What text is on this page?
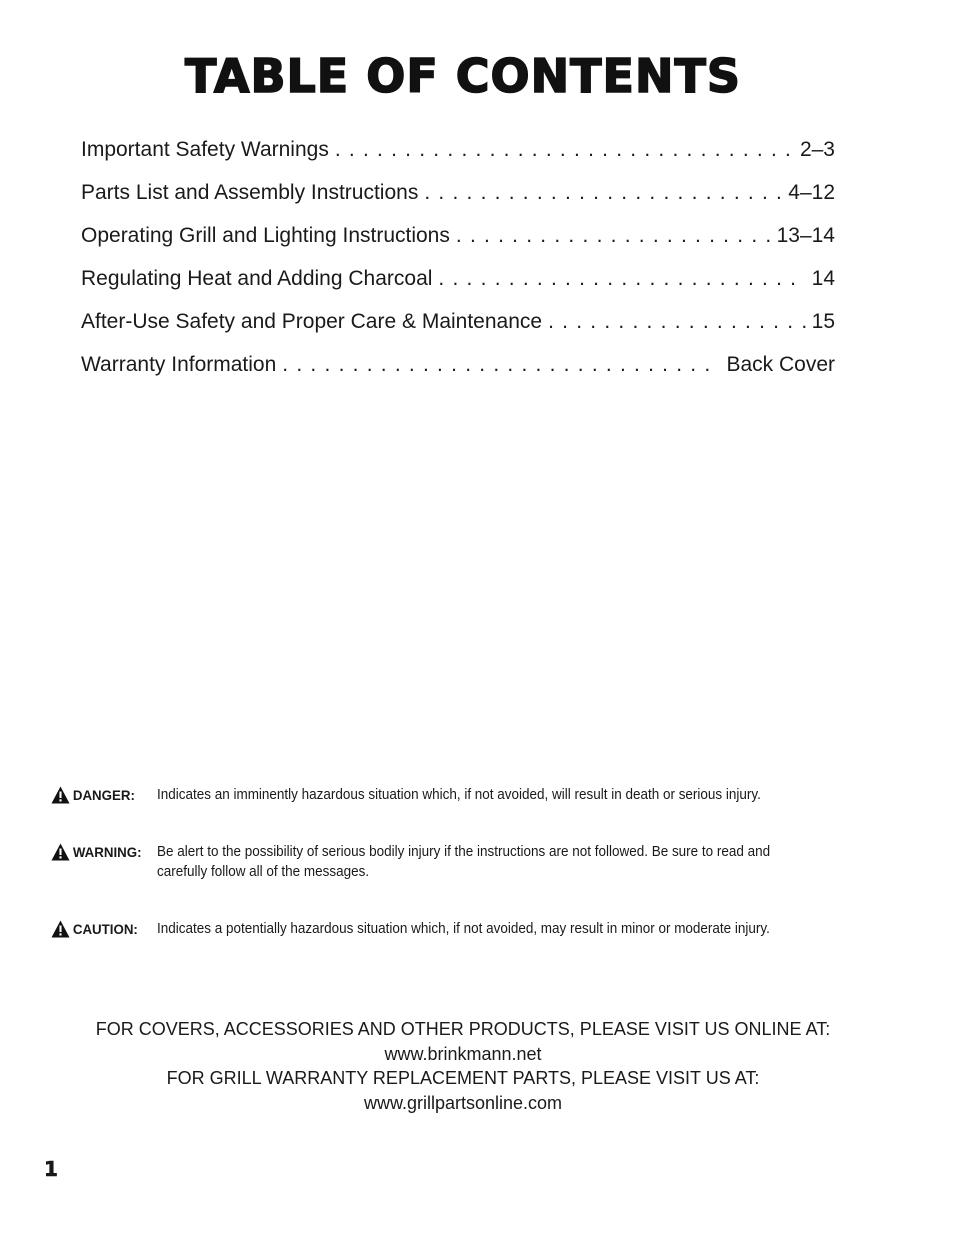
TABLE OF CONTENTS
Important Safety Warnings . . .	2–3
Parts List and Assembly Instructions . . .	4–12
Operating Grill and Lighting Instructions . . .	13–14
Regulating Heat and Adding Charcoal . . .	14
After-Use Safety and Proper Care & Maintenance . . .	15
Warranty Information . . .	Back Cover
DANGER: Indicates an imminently hazardous situation which, if not avoided, will result in death or serious injury.
WARNING: Be alert to the possibility of serious bodily injury if the instructions are not followed. Be sure to read and carefully follow all of the messages.
CAUTION: Indicates a potentially hazardous situation which, if not avoided, may result in minor or moderate injury.
FOR COVERS, ACCESSORIES AND OTHER PRODUCTS, PLEASE VISIT US ONLINE AT:
www.brinkmann.net
FOR GRILL WARRANTY REPLACEMENT PARTS, PLEASE VISIT US AT:
www.grillpartsonline.com
1
